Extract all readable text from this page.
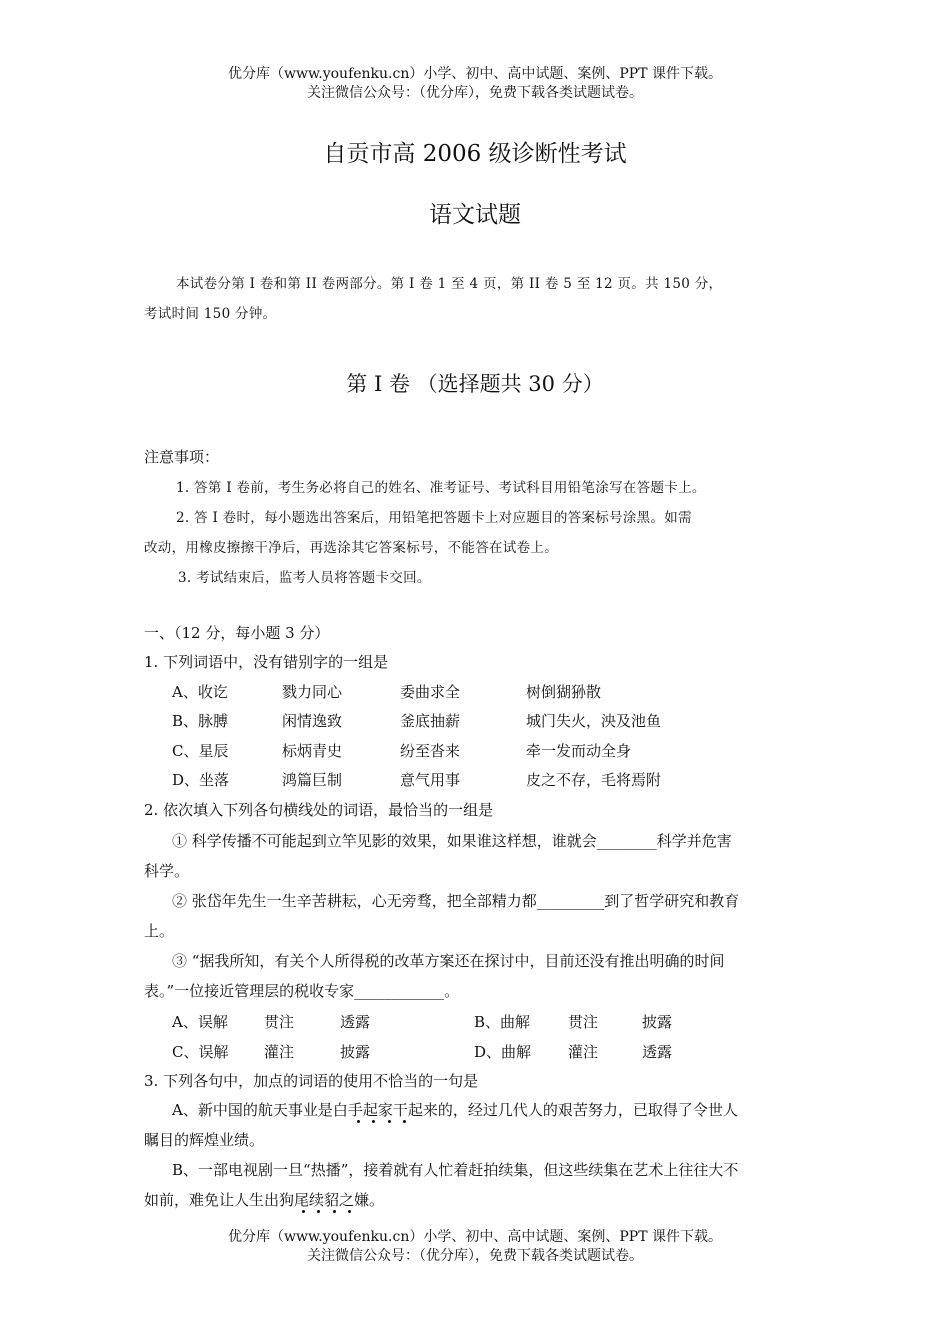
优分库（www.youfenku.cn）小学、初中、高中试题、案例、PPT 课件下载。
关注微信公众号：（优分库），免费下载各类试题试卷。
自贡市高 2006 级诊断性考试
语文试题
本试卷分第 I 卷和第 II 卷两部分。第 I 卷 1 至 4 页，第 II 卷 5 至 12 页。共 150 分，
考试时间 150 分钟。
第 I 卷 （选择题共 30 分）
注意事项：
1. 答第 I 卷前，考生务必将自己的姓名、准考证号、考试科目用铅笔涂写在答题卡上。
2. 答 I 卷时，每小题选出答案后，用铅笔把答题卡上对应题目的答案标号涂黑。如需
改动，用橡皮擦擦干净后，再选涂其它答案标号，不能答在试卷上。
3. 考试结束后，监考人员将答题卡交回。
一、（12 分，每小题 3 分）
1. 下列词语中，没有错别字的一组是
A、收讫	戮力同心	委曲求全	树倒猢狲散
B、脉膊	闲情逸致	釜底抽薪	城门失火，泱及池鱼
C、星辰	标炳青史	纷至沓来	牵一发而动全身
D、坐落	鸿篇巨制	意气用事	皮之不存，毛将焉附
2. 依次填入下列各句横线处的词语，最恰当的一组是
① 科学传播不可能起到立竿见影的效果，如果谁这样想，谁就会________科学并危害
科学。
② 张岱年先生一生辛苦耕耘，心无旁骛，把全部精力都_________到了哲学研究和教育
上。
③ “据我所知，有关个人所得税的改革方案还在探讨中，目前还没有推出明确的时间
表。”一位接近管理层的税收专家____________。
A、误解 贯注	透露	B、曲解	贯注	披露
C、误解 灌注	披露	D、曲解 灌注	透露
3. 下列各句中，加点的词语的使用不恰当的一句是
A、新中国的航天事业是白手起家干起来的，经过几代人的艰苦努力，已取得了令世人
瞩目的辉煌业绩。
B、一部电视剧一旦“热播”，接着就有人忙着赶拍续集，但这些续集在艺术上往往大不
如前，难免让人生出狗尾续貂之嫌。
优分库（www.youfenku.cn）小学、初中、高中试题、案例、PPT 课件下载。
关注微信公众号：（优分库），免费下载各类试题试卷。
